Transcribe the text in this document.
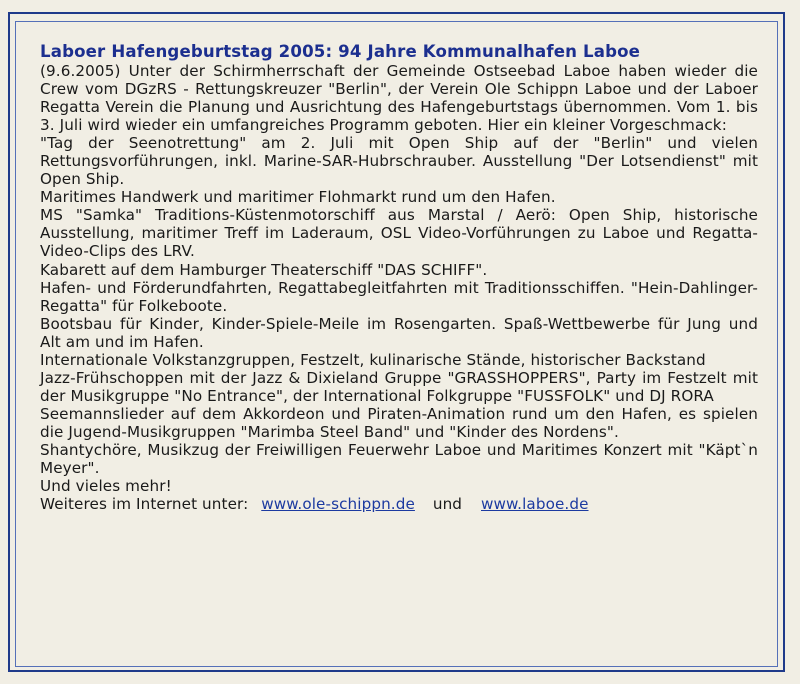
Laboer Hafengeburtstag 2005: 94 Jahre Kommunalhafen Laboe

(9.6.2005) Unter der Schirmherrschaft der Gemeinde Ostseebad Laboe haben wieder die Crew vom DGzRS - Rettungskreuzer "Berlin", der Verein Ole Schippn Laboe und der Laboer Regatta Verein die Planung und Ausrichtung des Hafengeburtstags übernommen. Vom 1. bis 3. Juli wird wieder ein umfangreiches Programm geboten. Hier ein kleiner Vorgeschmack:

"Tag der Seenotrettung" am 2. Juli mit Open Ship auf der "Berlin" und vielen Rettungsvorführungen, inkl. Marine-SAR-Hubrschrauber. Ausstellung "Der Lotsendienst" mit Open Ship.

Maritimes Handwerk und maritimer Flohmarkt rund um den Hafen.

MS "Samka" Traditions-Küstenmotorschiff aus Marstal / Aerö: Open Ship, historische Ausstellung, maritimer Treff im Laderaum, OSL Video-Vorführungen zu Laboe und Regatta-Video-Clips des LRV.

Kabarett auf dem Hamburger Theaterschiff "DAS SCHIFF".

Hafen- und Förderundfahrten, Regattabegleitfahrten mit Traditionsschiffen. "Hein-Dahlinger-Regatta" für Folkeboote.

Bootsbau für Kinder, Kinder-Spiele-Meile im Rosengarten. Spaß-Wettbewerbe für Jung und Alt am und im Hafen.

Internationale Volkstanzgruppen, Festzelt, kulinarische Stände, historischer Backstand

Jazz-Frühschoppen mit der Jazz & Dixieland Gruppe "GRASSHOPPERS", Party im Festzelt mit der Musikgruppe "No Entrance", der International Folkgruppe "FUSSFOLK" und DJ RORA

Seemannslieder auf dem Akkordeon und Piraten-Animation rund um den Hafen, es spielen die Jugend-Musikgruppen "Marimba Steel Band" und "Kinder des Nordens".

Shantychöre, Musikzug der Freiwilligen Feuerwehr Laboe und Maritimes Konzert mit "Käpt`n Meyer".

Und vieles mehr!

Weiteres im Internet unter: www.ole-schippn.de und www.laboe.de
